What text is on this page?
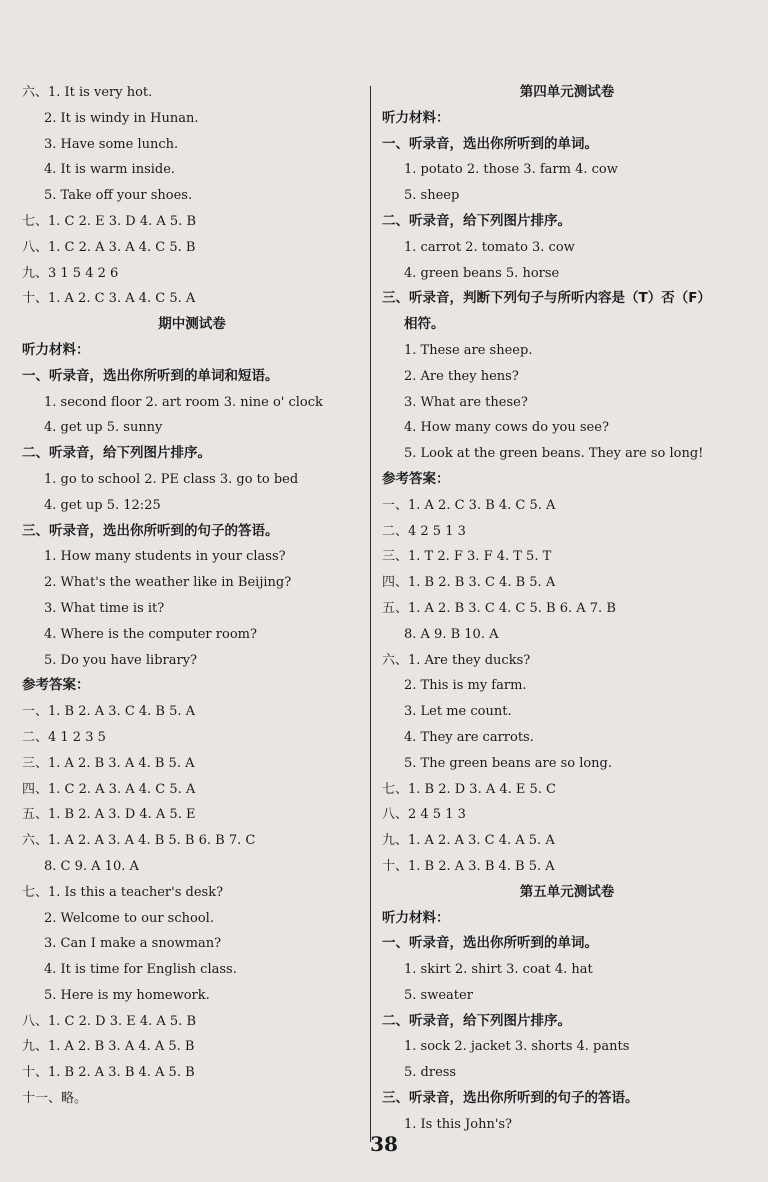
六、1. It is very hot.
2. It is windy in Hunan.
3. Have some lunch.
4. It is warm inside.
5. Take off your shoes.
七、1. C 2. E 3. D 4. A 5. B
八、1. C 2. A 3. A 4. C 5. B
九、3 1 5 4 2 6
十、1. A 2. C 3. A 4. C 5. A
期中测试卷
听力材料：
一、听录音，选出你所听到的单词和短语。
1. second floor 2. art room 3. nine o' clock
4. get up 5. sunny
二、听录音，给下列图片排序。
1. go to school 2. PE class 3. go to bed
4. get up 5. 12:25
三、听录音，选出你所听到的句子的答语。
1. How many students in your class?
2. What's the weather like in Beijing?
3. What time is it?
4. Where is the computer room?
5. Do you have library?
参考答案：
一、1. B 2. A 3. C 4. B 5. A
二、4 1 2 3 5
三、1. A 2. B 3. A 4. B 5. A
四、1. C 2. A 3. A 4. C 5. A
五、1. B 2. A 3. D 4. A 5. E
六、1. A 2. A 3. A 4. B 5. B 6. B 7. C
8. C 9. A 10. A
七、1. Is this a teacher's desk?
2. Welcome to our school.
3. Can I make a snowman?
4. It is time for English class.
5. Here is my homework.
八、1. C 2. D 3. E 4. A 5. B
九、1. A 2. B 3. A 4. A 5. B
十、1. B 2. A 3. B 4. A 5. B
十一、略。
第四单元测试卷
听力材料：
一、听录音，选出你所听到的单词。
1. potato 2. those 3. farm 4. cow
5. sheep
二、听录音，给下列图片排序。
1. carrot 2. tomato 3. cow
4. green beans 5. horse
三、听录音，判断下列句子与所听内容是（T）否（F）
相符。
1. These are sheep.
2. Are they hens?
3. What are these?
4. How many cows do you see?
5. Look at the green beans. They are so long!
参考答案：
一、1. A 2. C 3. B 4. C 5. A
二、4 2 5 1 3
三、1. T 2. F 3. F 4. T 5. T
四、1. B 2. B 3. C 4. B 5. A
五、1. A 2. B 3. C 4. C 5. B 6. A 7. B
8. A 9. B 10. A
六、1. Are they ducks?
2. This is my farm.
3. Let me count.
4. They are carrots.
5. The green beans are so long.
七、1. B 2. D 3. A 4. E 5. C
八、2 4 5 1 3
九、1. A 2. A 3. C 4. A 5. A
十、1. B 2. A 3. B 4. B 5. A
第五单元测试卷
听力材料：
一、听录音，选出你所听到的单词。
1. skirt 2. shirt 3. coat 4. hat
5. sweater
二、听录音，给下列图片排序。
1. sock 2. jacket 3. shorts 4. pants
5. dress
三、听录音，选出你所听到的句子的答语。
1. Is this John's?
38
